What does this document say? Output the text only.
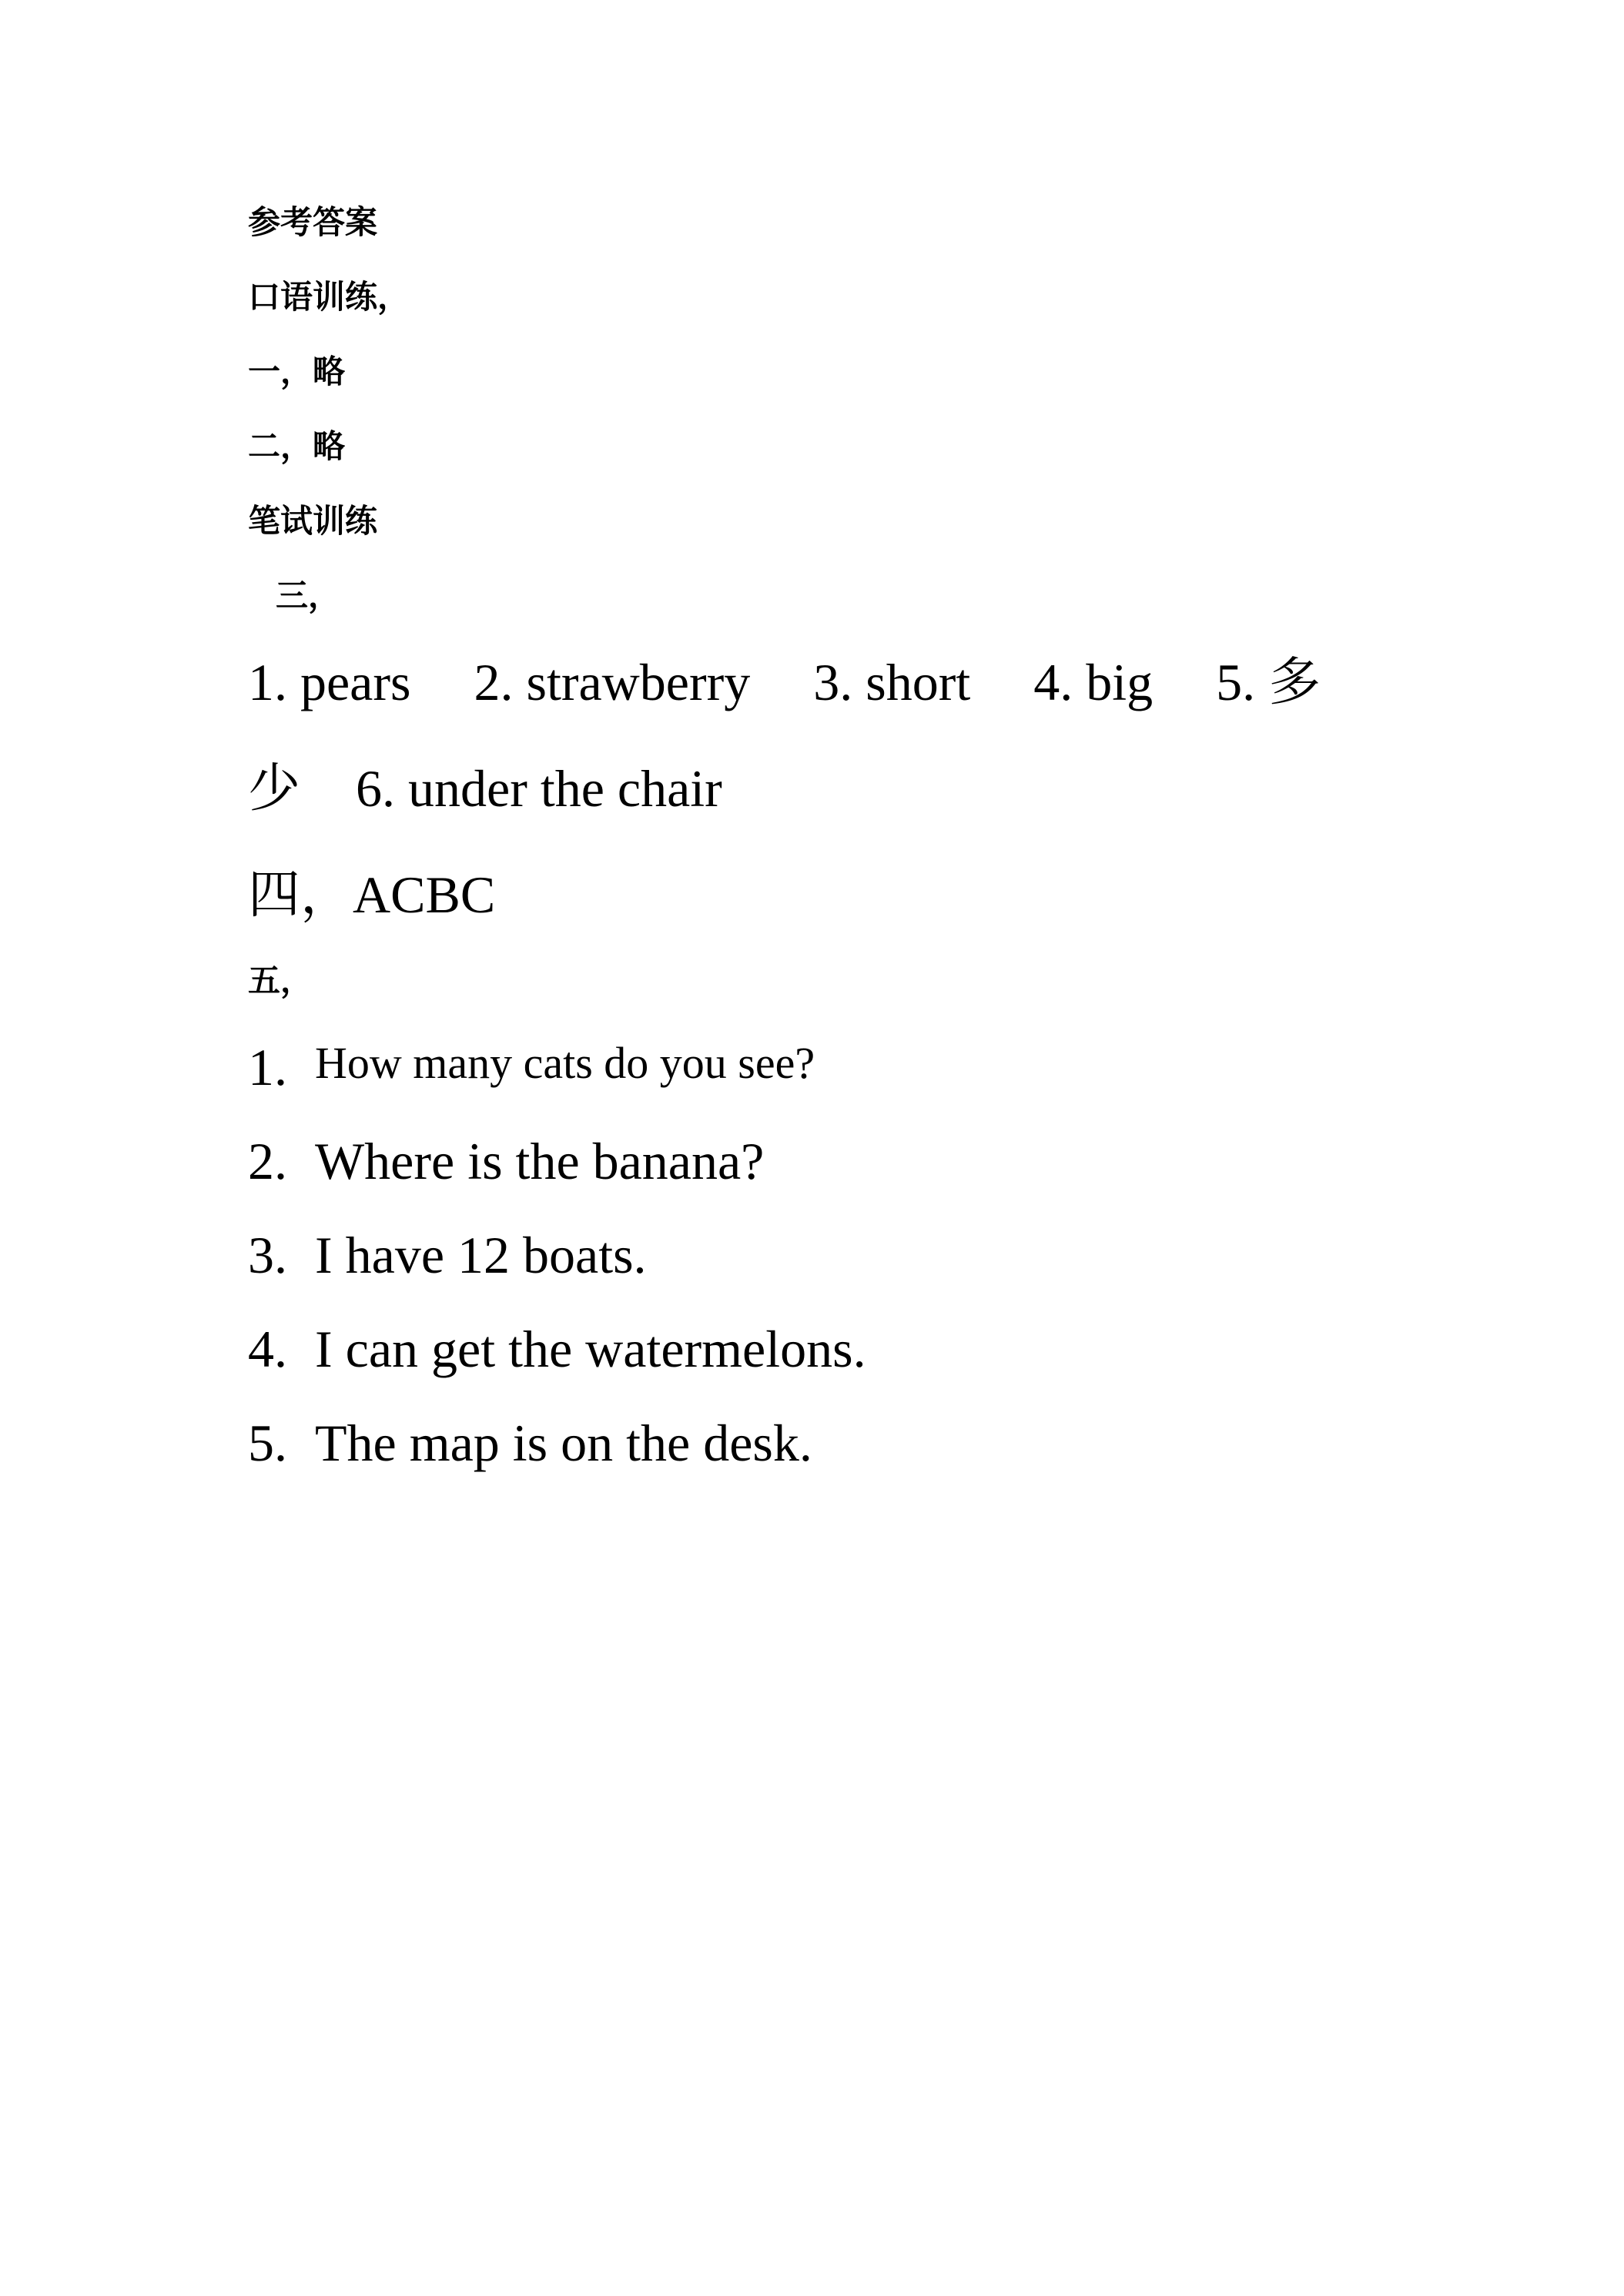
参考答案
口语训练，
一，略
二，略
笔试训练
三，
1. pears 2. strawberry 3. short 4. big 5. 多
少 6. under the chair
四，ACBC
五，
1. How many cats do you see?
2. Where is the banana?
3. I have 12 boats.
4. I can get the watermelons.
5. The map is on the desk.
